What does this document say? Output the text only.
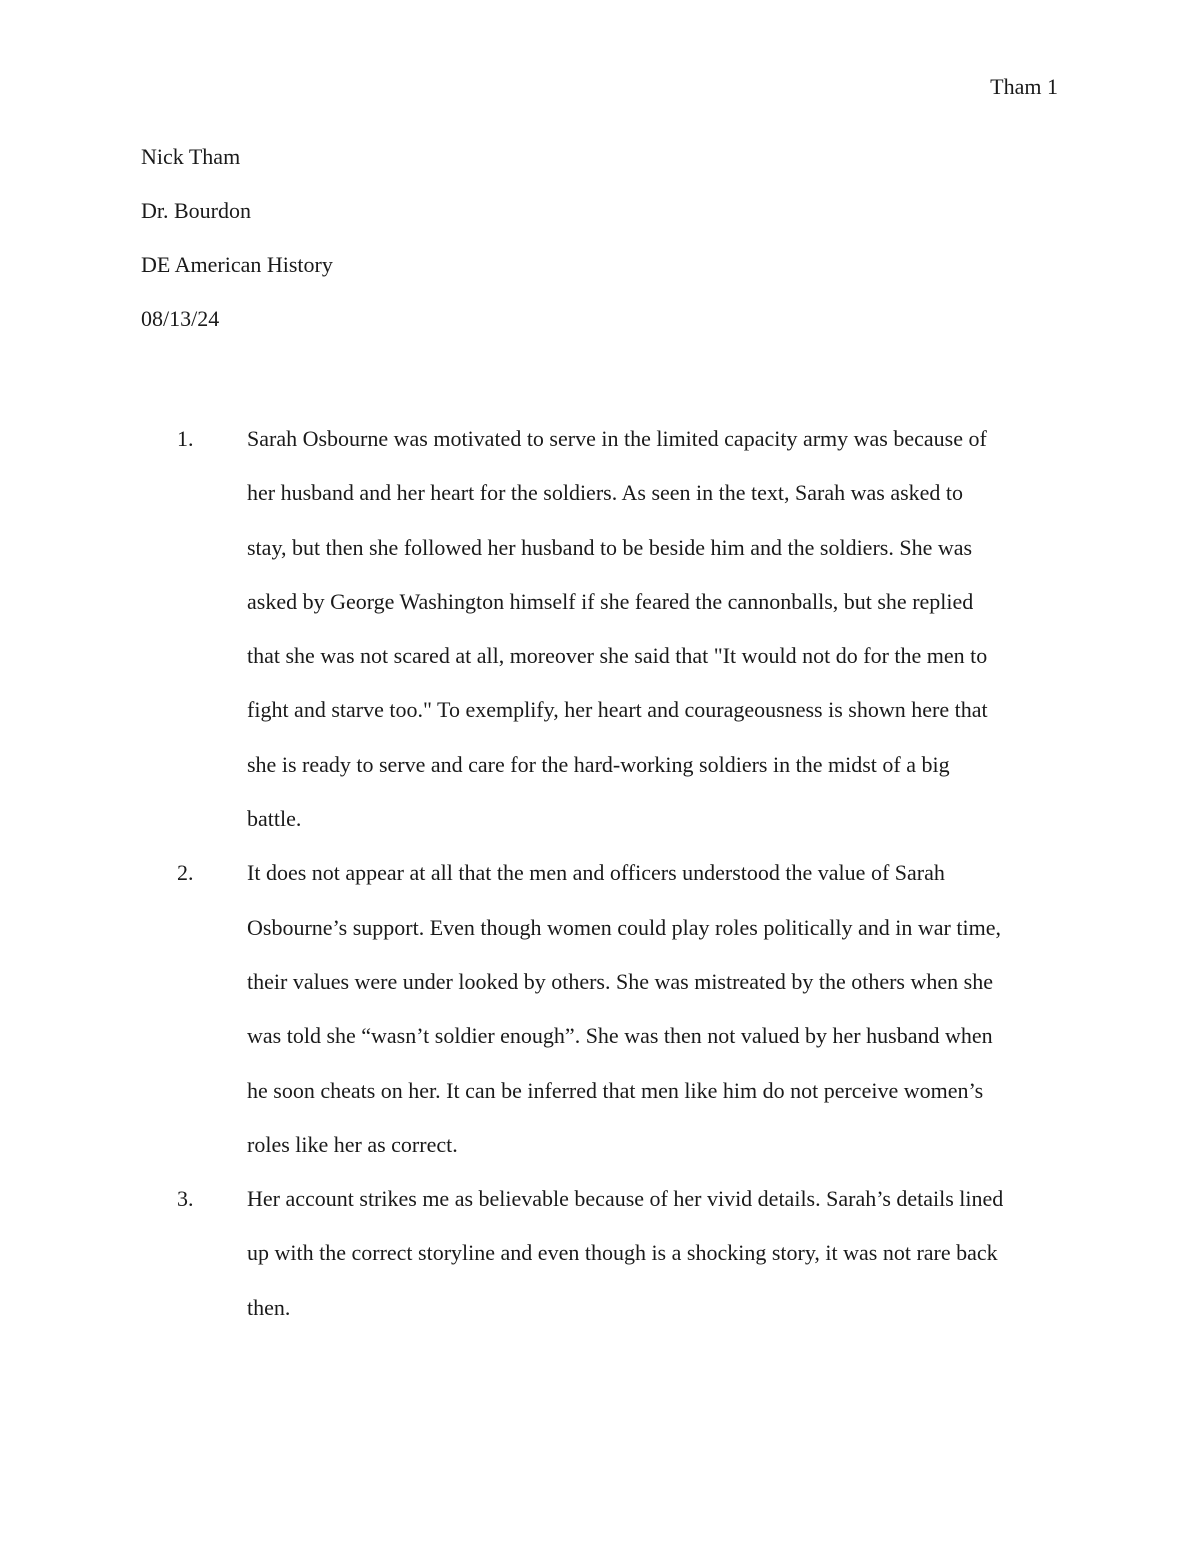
Tham 1
Nick Tham
Dr. Bourdon
DE American History
08/13/24
1. Sarah Osbourne was motivated to serve in the limited capacity army was because of
her husband and her heart for the soldiers. As seen in the text, Sarah was asked to
stay, but then she followed her husband to be beside him and the soldiers. She was
asked by George Washington himself if she feared the cannonballs, but she replied
that she was not scared at all, moreover she said that "It would not do for the men to
fight and starve too." To exemplify, her heart and courageousness is shown here that
she is ready to serve and care for the hard-working soldiers in the midst of a big
battle.
2. It does not appear at all that the men and officers understood the value of Sarah
Osbourne’s support. Even though women could play roles politically and in war time,
their values were under looked by others. She was mistreated by the others when she
was told she “wasn’t soldier enough”. She was then not valued by her husband when
he soon cheats on her. It can be inferred that men like him do not perceive women’s
roles like her as correct.
3. Her account strikes me as believable because of her vivid details. Sarah’s details lined
up with the correct storyline and even though is a shocking story, it was not rare back
then.
